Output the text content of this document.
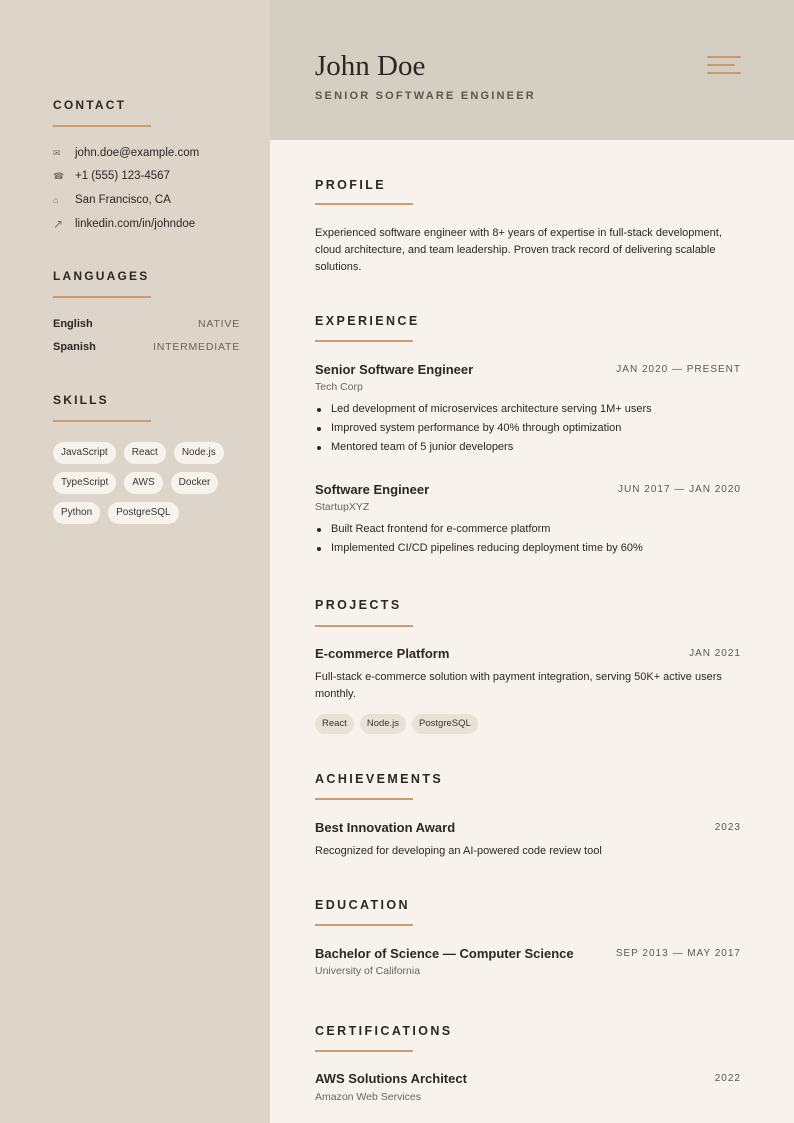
CONTACT
✉	john.doe@example.com
☎ +1 (555) 123-4567
⌂	San Francisco, CA
↗	linkedin.com/in/johndoe
LANGUAGES
English	NATIVE
Spanish	INTERMEDIATE
SKILLS
JavaScript	React	Node.js
TypeScript	AWS	Docker
Python	PostgreSQL
John Doe
SENIOR SOFTWARE ENGINEER
PROFILE

Experienced software engineer with 8+ years of expertise in full-stack development, cloud architecture, and team leadership. Proven track record of delivering scalable solutions.

EXPERIENCE
Senior Software Engineer	JAN 2020 — PRESENT
Tech Corp
Led development of microservices architecture serving 1M+ users
Improved system performance by 40% through optimization
Mentored team of 5 junior developers
Software Engineer	JUN 2017 — JAN 2020
StartupXYZ
Built React frontend for e-commerce platform
Implemented CI/CD pipelines reducing deployment time by 60%
PROJECTS
E-commerce Platform	JAN 2021

Full-stack e-commerce solution with payment integration, serving 50K+ active users monthly.

React	Node.js	PostgreSQL
ACHIEVEMENTS
Best Innovation Award	2023

Recognized for developing an AI-powered code review tool

EDUCATION
Bachelor of Science — Computer Science	SEP 2013 — MAY 2017
University of California
CERTIFICATIONS
AWS Solutions Architect	2022
Amazon Web Services
